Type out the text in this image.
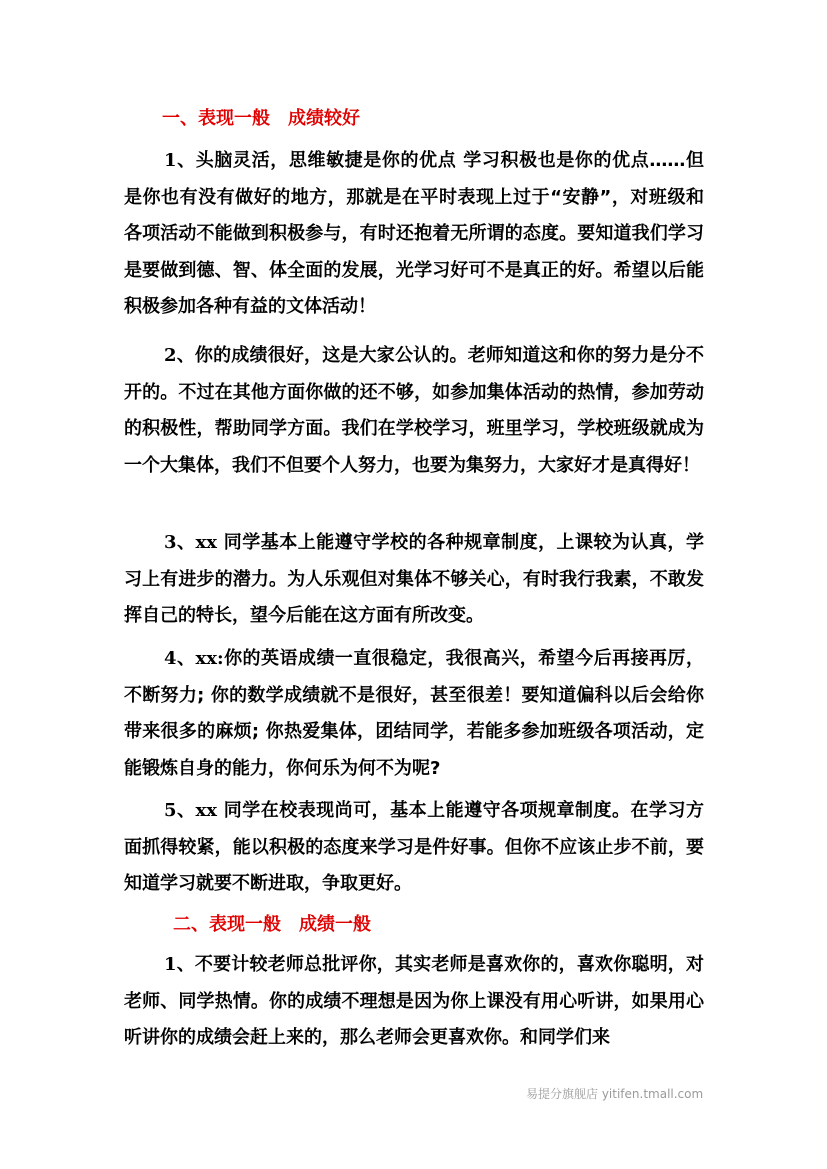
一、表现一般　成绩较好

1、头脑灵活，思维敏捷是你的优点 学习积极也是你的优点……但是你也有没有做好的地方，那就是在平时表现上过于“安静”，对班级和各项活动不能做到积极参与，有时还抱着无所谓的态度。要知道我们学习是要做到德、智、体全面的发展，光学习好可不是真正的好。希望以后能积极参加各种有益的文体活动！

2、你的成绩很好，这是大家公认的。老师知道这和你的努力是分不开的。不过在其他方面你做的还不够，如参加集体活动的热情，参加劳动的积极性，帮助同学方面。我们在学校学习，班里学习，学校班级就成为一个大集体，我们不但要个人努力，也要为集努力，大家好才是真得好！

3、xx 同学基本上能遵守学校的各种规章制度，上课较为认真，学习上有进步的潜力。为人乐观但对集体不够关心，有时我行我素，不敢发挥自己的特长，望今后能在这方面有所改变。

4、xx:你的英语成绩一直很稳定，我很高兴，希望今后再接再厉，不断努力; 你的数学成绩就不是很好，甚至很差！要知道偏科以后会给你带来很多的麻烦; 你热爱集体，团结同学，若能多参加班级各项活动，定能锻炼自身的能力，你何乐为何不为呢?

5、xx 同学在校表现尚可，基本上能遵守各项规章制度。在学习方面抓得较紧，能以积极的态度来学习是件好事。但你不应该止步不前，要知道学习就要不断进取，争取更好。

二、表现一般　成绩一般

1、不要计较老师总批评你，其实老师是喜欢你的，喜欢你聪明，对老师、同学热情。你的成绩不理想是因为你上课没有用心听讲，如果用心听讲你的成绩会赶上来的，那么老师会更喜欢你。和同学们来

易提分旗舰店 yitifen.tmall.com
